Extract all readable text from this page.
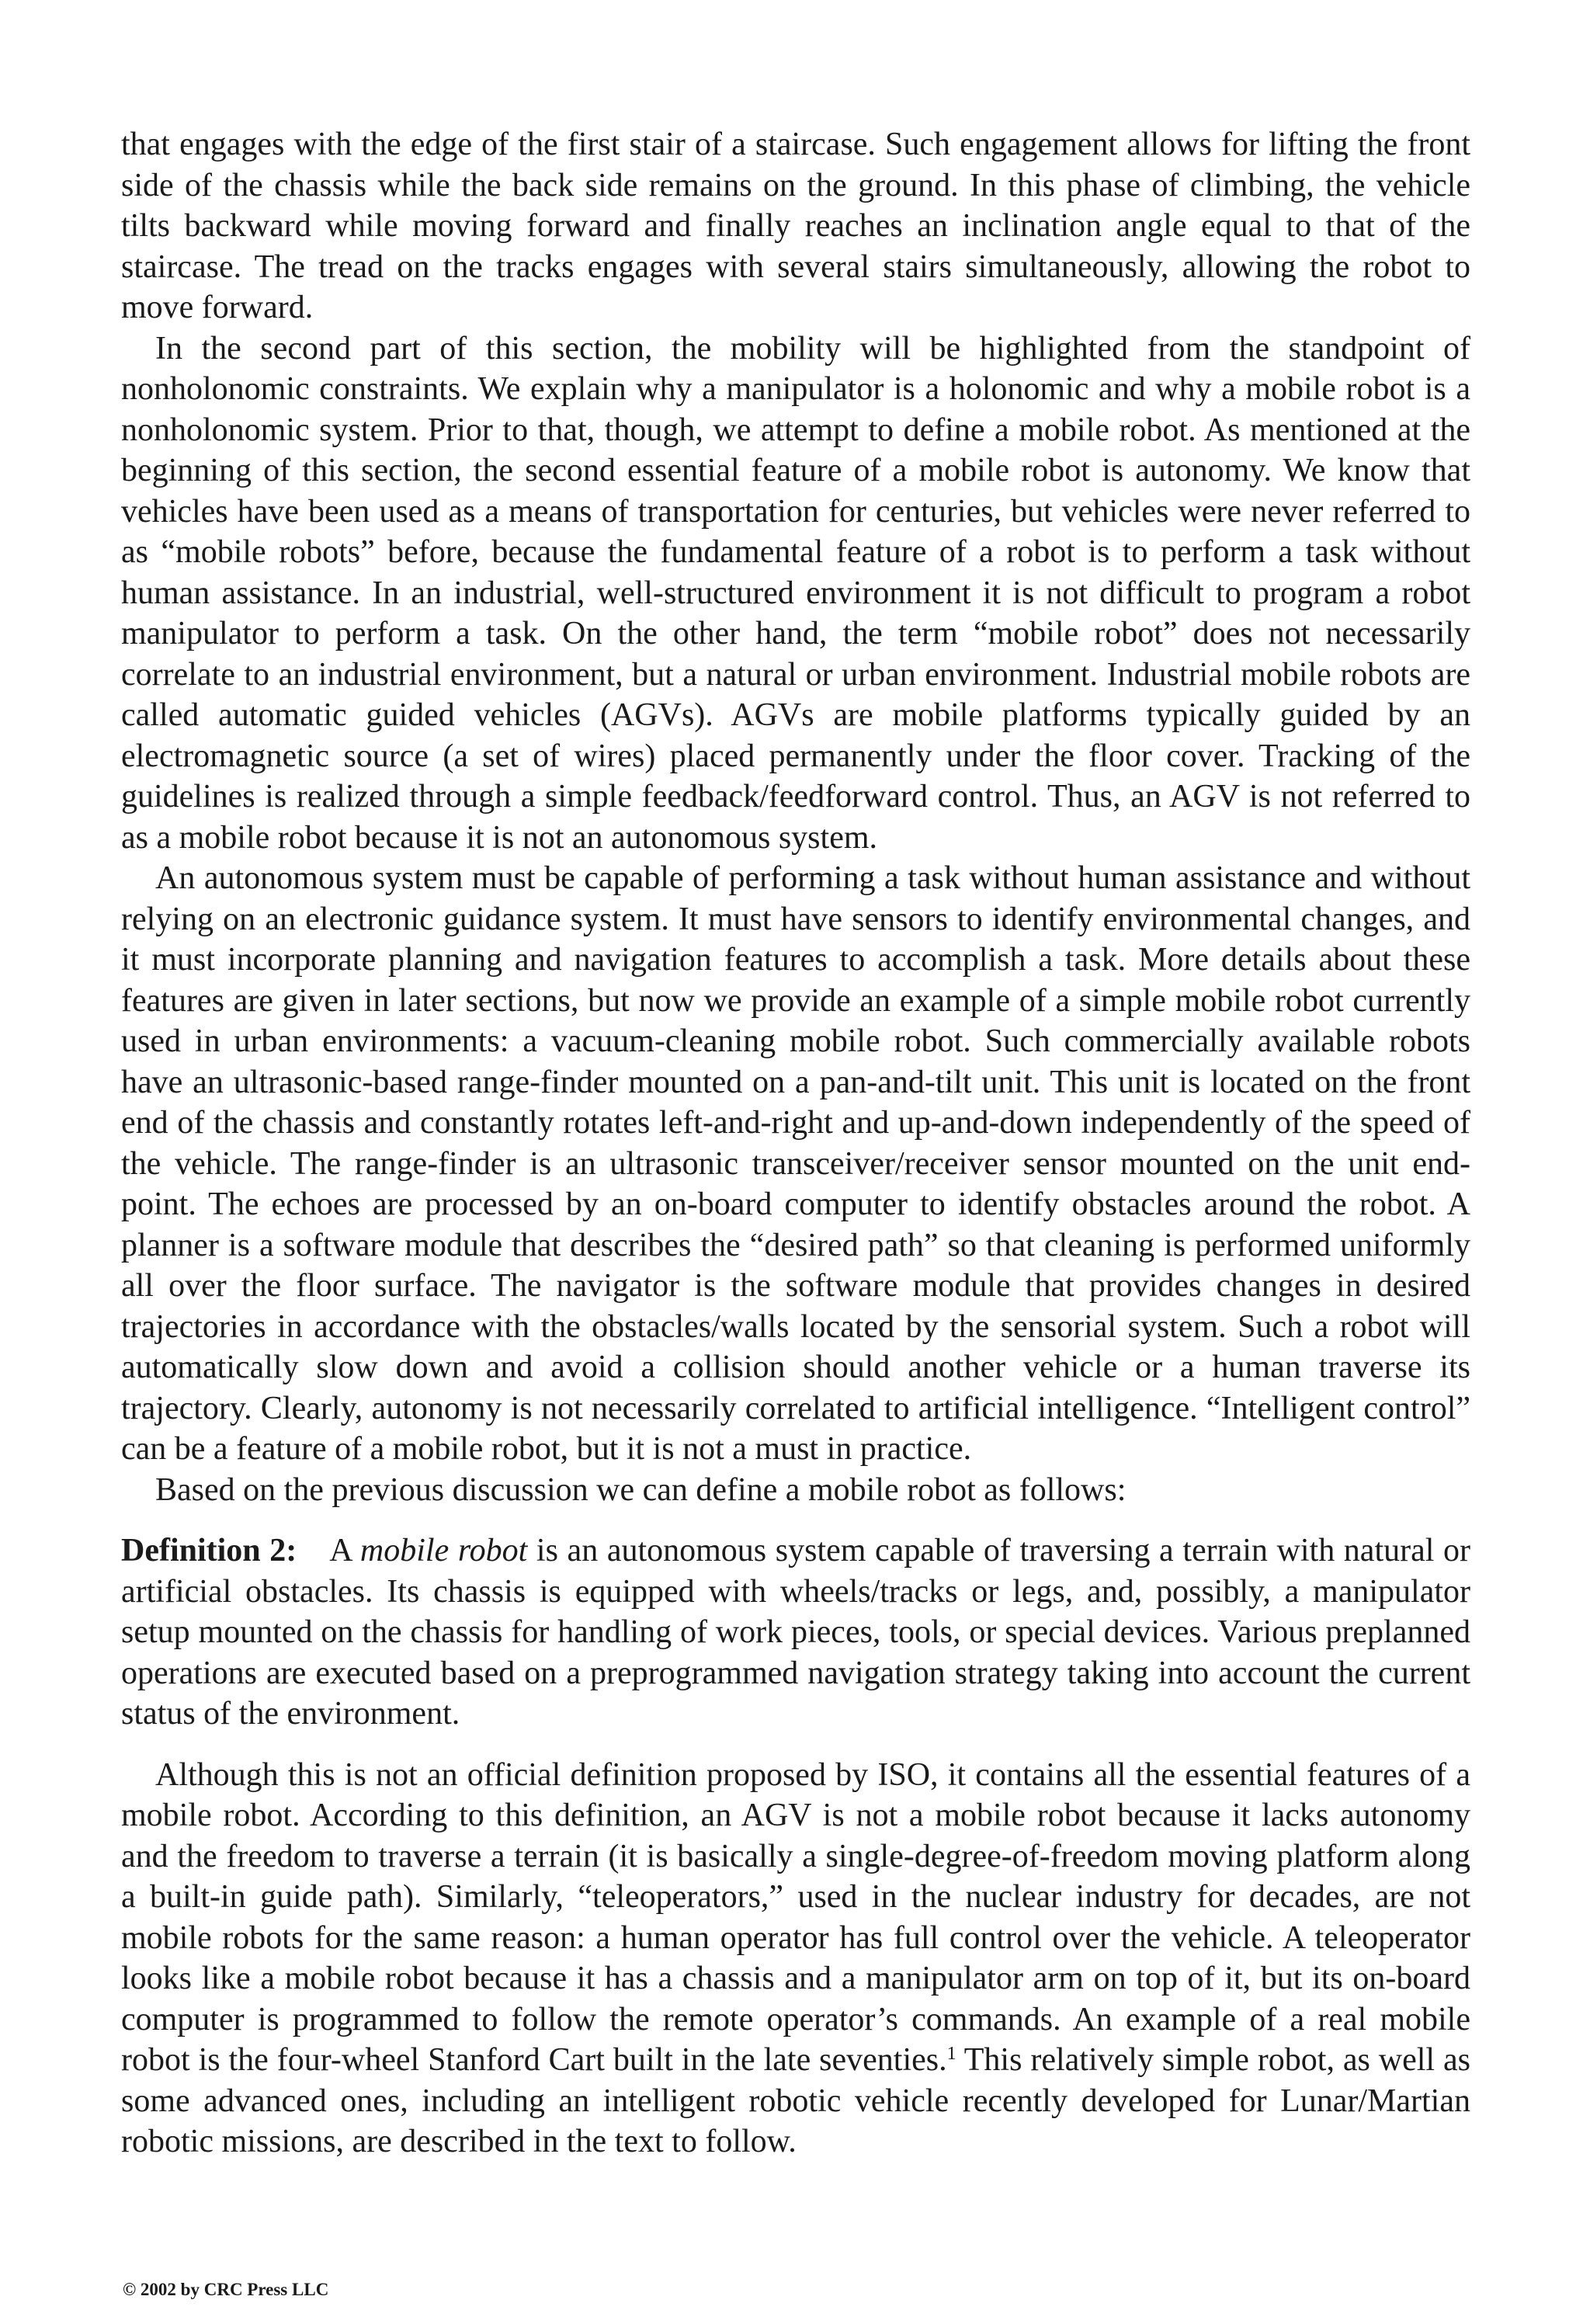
that engages with the edge of the first stair of a staircase. Such engagement allows for lifting the front side of the chassis while the back side remains on the ground. In this phase of climbing, the vehicle tilts backward while moving forward and finally reaches an inclination angle equal to that of the staircase. The tread on the tracks engages with several stairs simultaneously, allowing the robot to move forward.

In the second part of this section, the mobility will be highlighted from the standpoint of nonholonomic constraints. We explain why a manipulator is a holonomic and why a mobile robot is a nonholonomic system. Prior to that, though, we attempt to define a mobile robot. As mentioned at the beginning of this section, the second essential feature of a mobile robot is autonomy. We know that vehicles have been used as a means of transportation for centuries, but vehicles were never referred to as “mobile robots” before, because the fundamental feature of a robot is to perform a task without human assistance. In an industrial, well-structured environment it is not difficult to program a robot manipulator to perform a task. On the other hand, the term “mobile robot” does not necessarily correlate to an industrial environment, but a natural or urban environment. Industrial mobile robots are called automatic guided vehicles (AGVs). AGVs are mobile platforms typically guided by an electromagnetic source (a set of wires) placed permanently under the floor cover. Tracking of the guidelines is realized through a simple feedback/feedforward control. Thus, an AGV is not referred to as a mobile robot because it is not an autonomous system.

An autonomous system must be capable of performing a task without human assistance and without relying on an electronic guidance system. It must have sensors to identify environmental changes, and it must incorporate planning and navigation features to accomplish a task. More details about these features are given in later sections, but now we provide an example of a simple mobile robot currently used in urban environments: a vacuum-cleaning mobile robot. Such commercially available robots have an ultrasonic-based range-finder mounted on a pan-and-tilt unit. This unit is located on the front end of the chassis and constantly rotates left-and-right and up-and-down independently of the speed of the vehicle. The range-finder is an ultrasonic transceiver/receiver sensor mounted on the unit end-point. The echoes are processed by an on-board computer to identify obstacles around the robot. A planner is a software module that describes the “desired path” so that cleaning is performed uniformly all over the floor surface. The navigator is the software module that provides changes in desired trajectories in accordance with the obstacles/walls located by the sensorial system. Such a robot will automatically slow down and avoid a collision should another vehicle or a human traverse its trajectory. Clearly, autonomy is not necessarily correlated to artificial intelligence. “Intelligent control” can be a feature of a mobile robot, but it is not a must in practice.

Based on the previous discussion we can define a mobile robot as follows:

Definition 2: A mobile robot is an autonomous system capable of traversing a terrain with natural or artificial obstacles. Its chassis is equipped with wheels/tracks or legs, and, possibly, a manipulator setup mounted on the chassis for handling of work pieces, tools, or special devices. Various preplanned operations are executed based on a preprogrammed navigation strategy taking into account the current status of the environment.

Although this is not an official definition proposed by ISO, it contains all the essential features of a mobile robot. According to this definition, an AGV is not a mobile robot because it lacks autonomy and the freedom to traverse a terrain (it is basically a single-degree-of-freedom moving platform along a built-in guide path). Similarly, “teleoperators,” used in the nuclear industry for decades, are not mobile robots for the same reason: a human operator has full control over the vehicle. A teleoperator looks like a mobile robot because it has a chassis and a manipulator arm on top of it, but its on-board computer is programmed to follow the remote operator’s commands. An example of a real mobile robot is the four-wheel Stanford Cart built in the late seventies.$^1$ This relatively simple robot, as well as some advanced ones, including an intelligent robotic vehicle recently developed for Lunar/Martian robotic missions, are described in the text to follow.

© 2002 by CRC Press LLC
